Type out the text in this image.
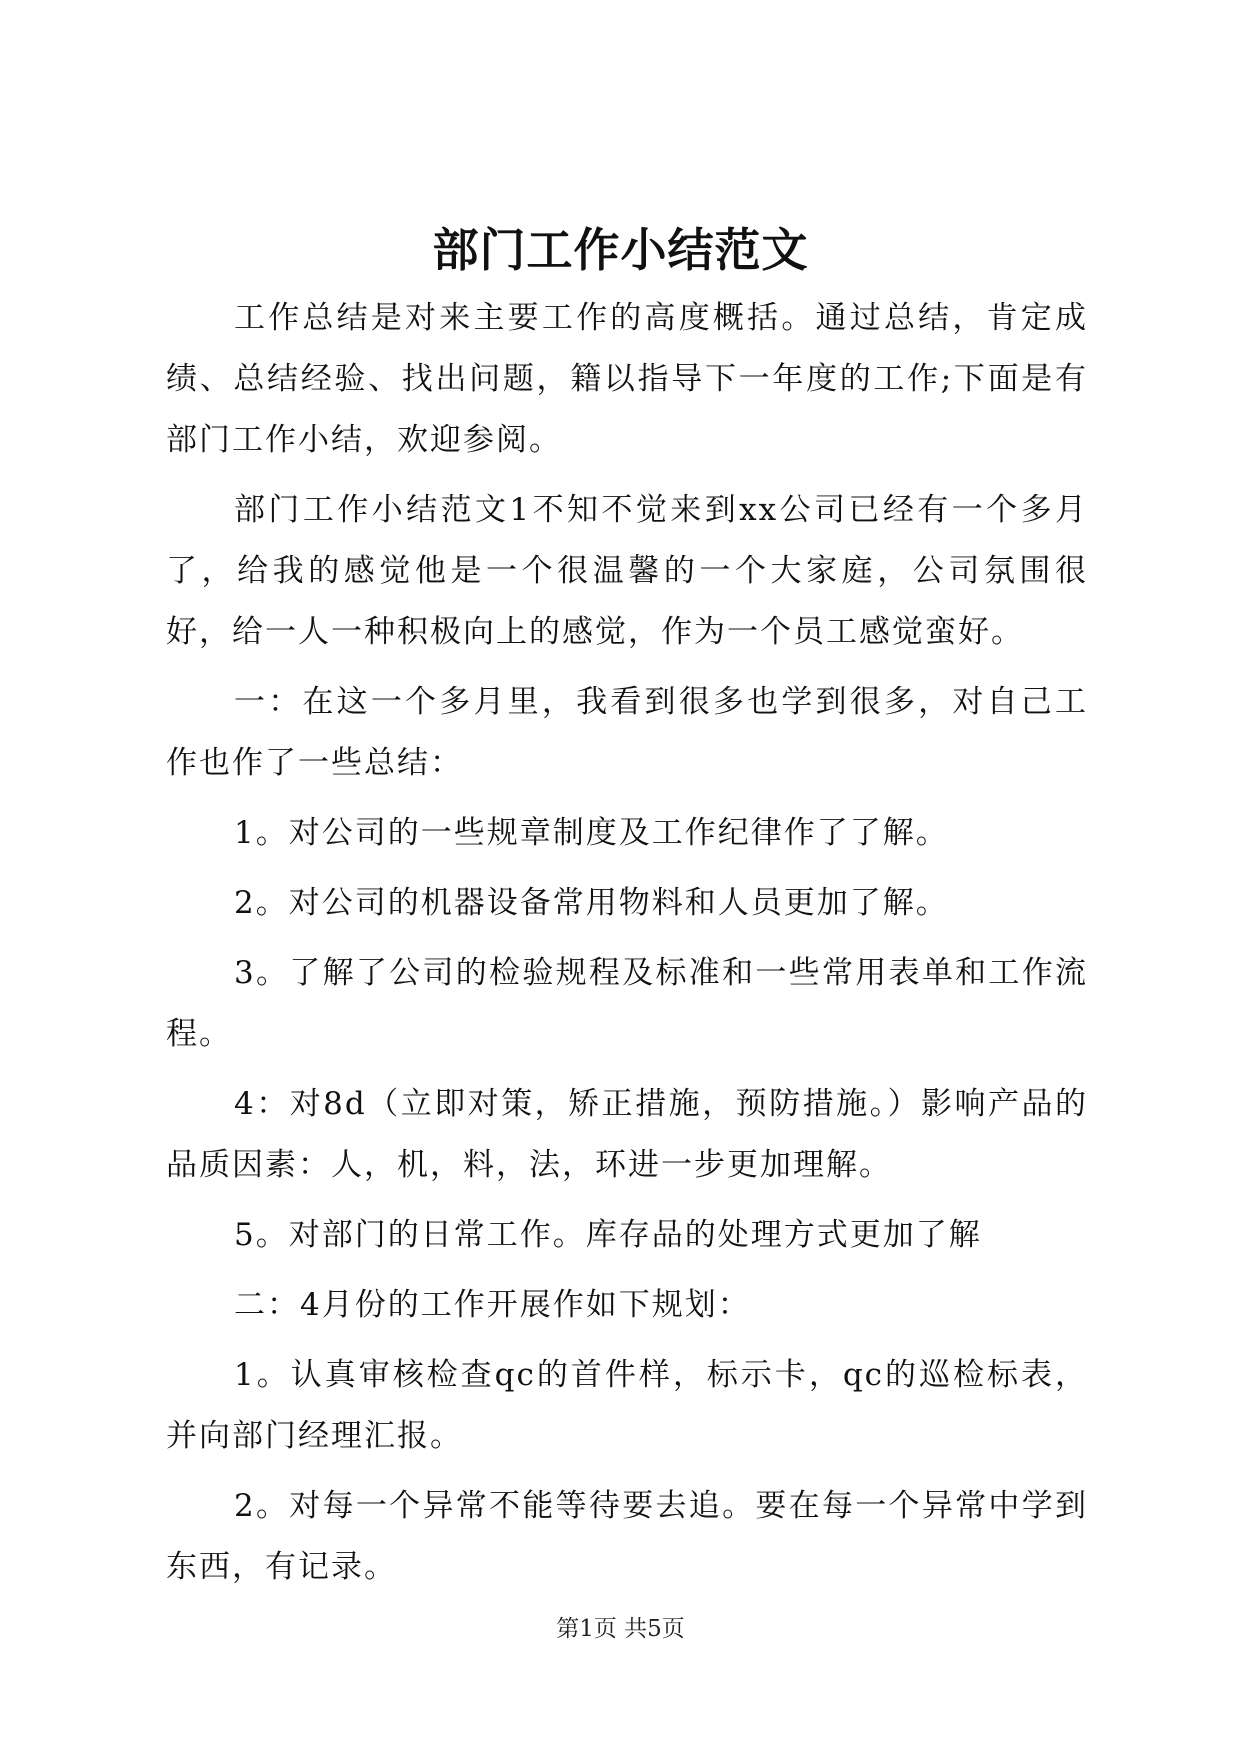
部门工作小结范文

工作总结是对来主要工作的高度概括。通过总结，肯定成绩、总结经验、找出问题，籍以指导下一年度的工作;下面是有部门工作小结，欢迎参阅。

部门工作小结范文1不知不觉来到xx公司已经有一个多月了，给我的感觉他是一个很温馨的一个大家庭，公司氛围很好，给一人一种积极向上的感觉，作为一个员工感觉蛮好。

一：在这一个多月里，我看到很多也学到很多，对自己工作也作了一些总结：

1。对公司的一些规章制度及工作纪律作了了解。

2。对公司的机器设备常用物料和人员更加了解。

3。了解了公司的检验规程及标准和一些常用表单和工作流程。

4：对8d（立即对策，矫正措施，预防措施。）影响产品的品质因素：人，机，料，法，环进一步更加理解。

5。对部门的日常工作。库存品的处理方式更加了解

二：4月份的工作开展作如下规划：

1。认真审核检查qc的首件样，标示卡，qc的巡检标表，并向部门经理汇报。

2。对每一个异常不能等待要去追。要在每一个异常中学到东西，有记录。

第1页 共5页
